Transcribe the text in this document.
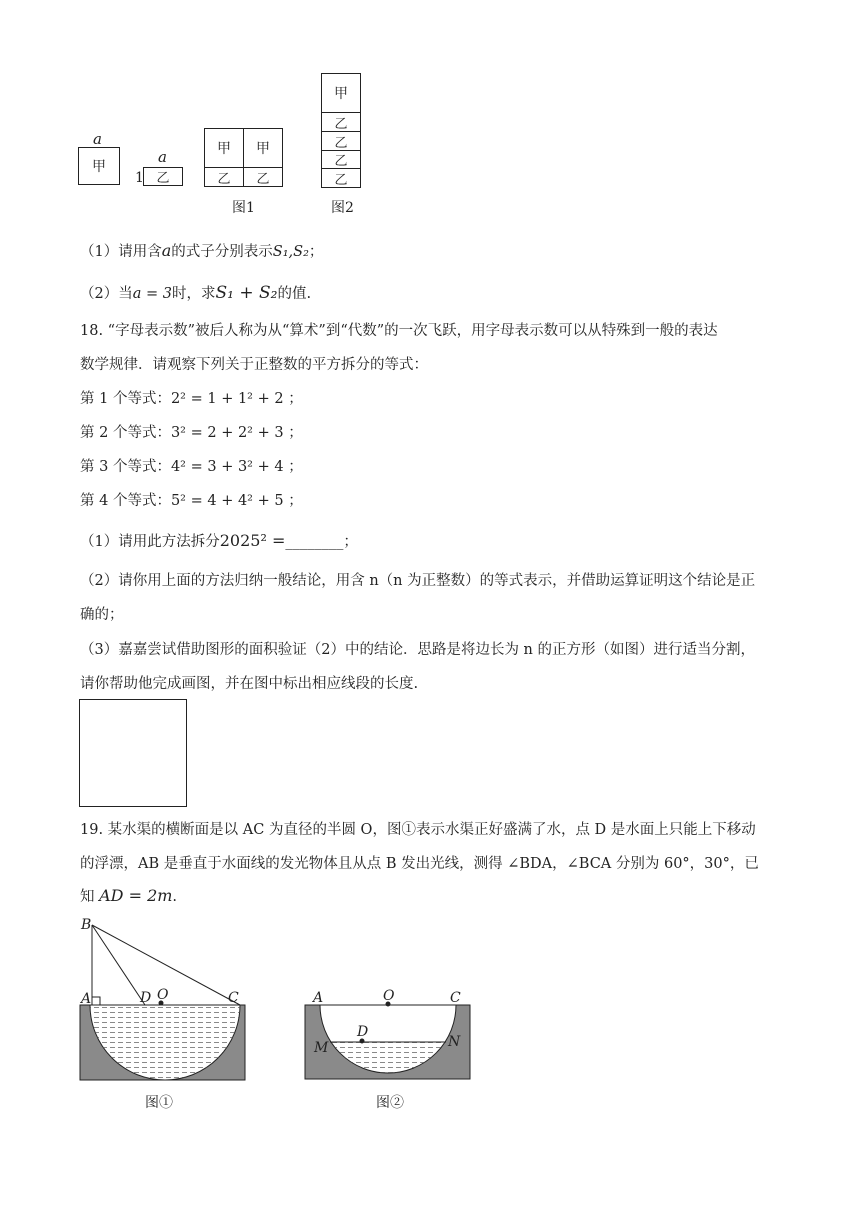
a
甲
a
1 乙
甲	甲
乙	乙
图1
甲
乙
乙
乙
乙
图2
（1）请用含a的式子分别表示S₁,S₂；
（2）当a = 3时，求S₁ + S₂的值.
18. “字母表示数”被后人称为从“算术”到“代数”的一次飞跃，用字母表示数可以从特殊到一般的表达
数学规律．请观察下列关于正整数的平方拆分的等式：
第 1 个等式：2² = 1 + 1² + 2 ；
第 2 个等式：3² = 2 + 2² + 3 ；
第 3 个等式：4² = 3 + 3² + 4 ；
第 4 个等式：5² = 4 + 4² + 5 ；
（1）请用此方法拆分2025² =________；
（2）请你用上面的方法归纳一般结论，用含 n（n 为正整数）的等式表示，并借助运算证明这个结论是正
确的；
（3）嘉嘉尝试借助图形的面积验证（2）中的结论．思路是将边长为 n 的正方形（如图）进行适当分割，
请你帮助他完成画图，并在图中标出相应线段的长度.
19. 某水渠的横断面是以 AC 为直径的半圆 O，图①表示水渠正好盛满了水，点 D 是水面上只能上下移动
的浮漂，AB 是垂直于水面线的发光物体且从点 B 发出光线，测得 ∠BDA，∠BCA 分别为 60°，30°，已
知 AD = 2m.
B
A	D O	C
图①
A	O	C
D
M	N
图②
